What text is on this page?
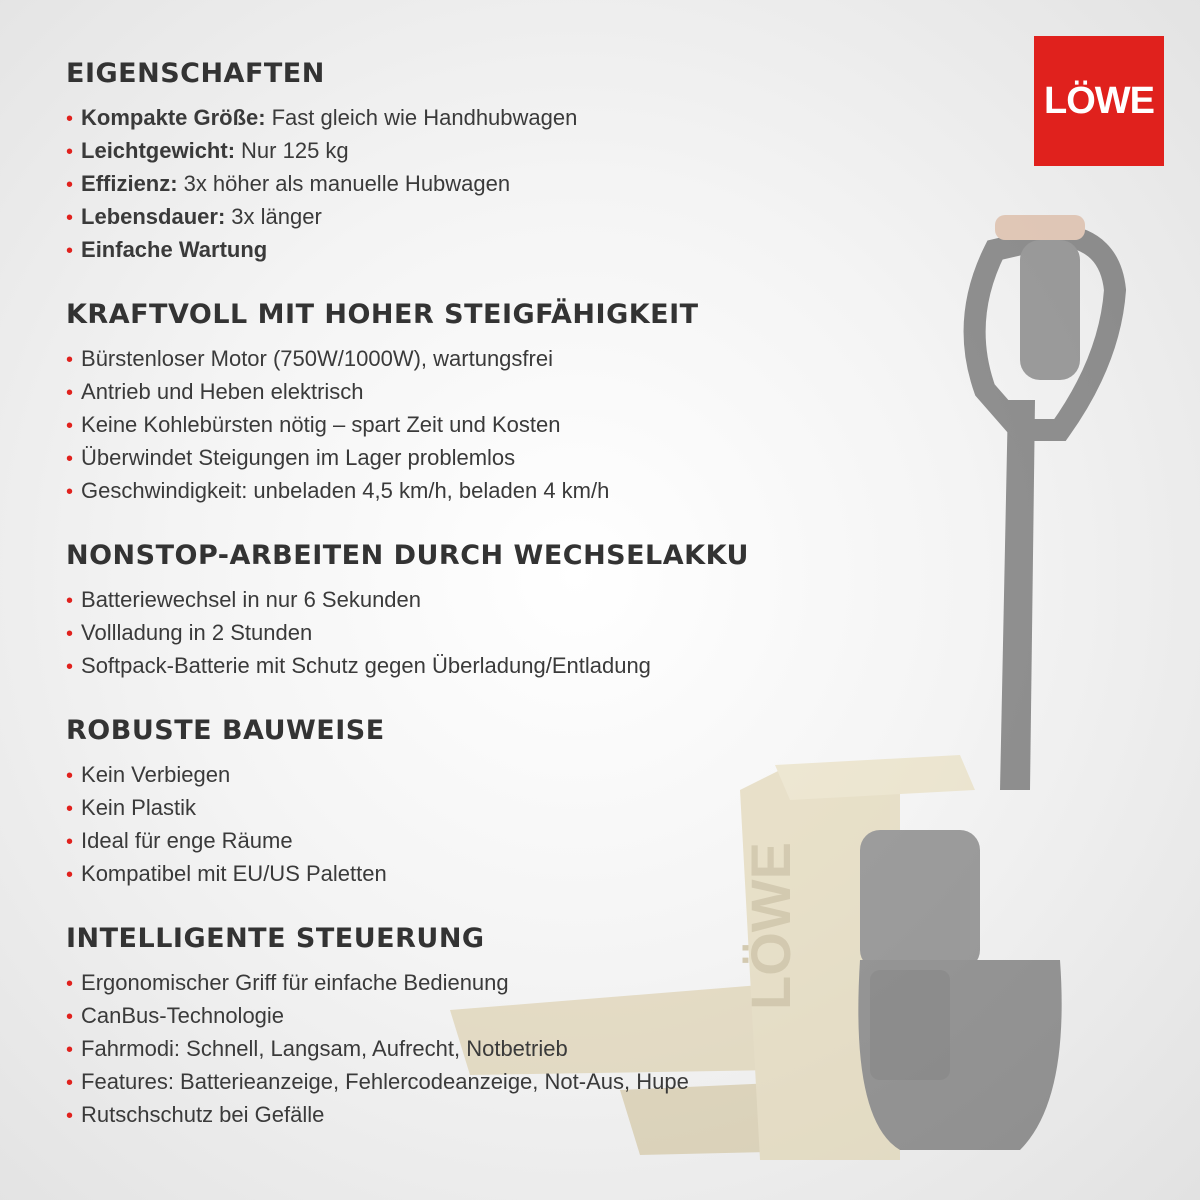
LÖWE
LÖWE
EIGENSCHAFTEN
• Kompakte Größe: Fast gleich wie Handhubwagen
• Leichtgewicht: Nur 125 kg
• Effizienz: 3x höher als manuelle Hubwagen
• Lebensdauer: 3x länger
• Einfache Wartung
KRAFTVOLL MIT HOHER STEIGFÄHIGKEIT
• Bürstenloser Motor (750W/1000W), wartungsfrei
• Antrieb und Heben elektrisch
• Keine Kohlebürsten nötig – spart Zeit und Kosten
• Überwindet Steigungen im Lager problemlos
• Geschwindigkeit: unbeladen 4,5 km/h, beladen 4 km/h
NONSTOP-ARBEITEN DURCH WECHSELAKKU
• Batteriewechsel in nur 6 Sekunden
• Vollladung in 2 Stunden
• Softpack-Batterie mit Schutz gegen Überladung/Entladung
ROBUSTE BAUWEISE
• Kein Verbiegen
• Kein Plastik
• Ideal für enge Räume
• Kompatibel mit EU/US Paletten
INTELLIGENTE STEUERUNG
• Ergonomischer Griff für einfache Bedienung
• CanBus-Technologie
• Fahrmodi: Schnell, Langsam, Aufrecht, Notbetrieb
• Features: Batterieanzeige, Fehlercodeanzeige, Not-Aus, Hupe
• Rutschschutz bei Gefälle
